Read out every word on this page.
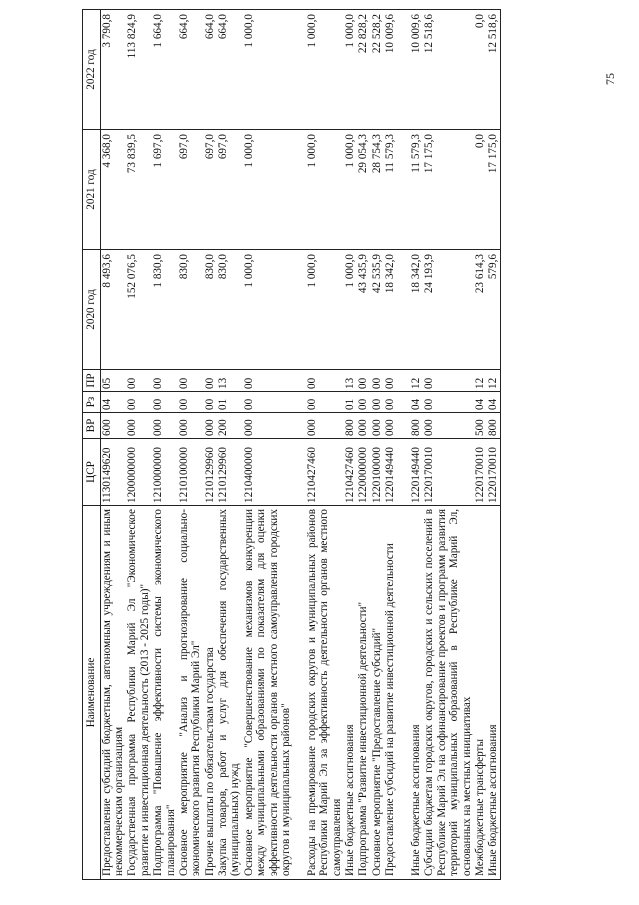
75
Наименование	ЦСР	ВР	Рз	ПР	2020 год	2021 год	2022 год
Предоставление субсидий бюджетным, автономным учреждениям и иным некоммерческим организациям	1130149620	600	04	05	8 493,6	4 368,0	3 790,8
Государственная программа Республики Марий Эл "Экономическое развитие и инвестиционная деятельность (2013 - 2025 годы)"	1200000000	000	00	00	152 076,5	73 839,5	113 824,9
Подпрограмма "Повышение эффективности системы экономического планирования"	1210000000	000	00	00	1 830,0	1 697,0	1 664,0
Основное мероприятие "Анализ и прогнозирование социально-экономического развития Республики Марий Эл"	1210100000	000	00	00	830,0	697,0	664,0
Прочие выплаты по обязательствам государства	1210129960	000	00	00	830,0	697,0	664,0
Закупка товаров, работ и услуг для обеспечения государственных (муниципальных) нужд	1210129960	200	01	13	830,0	697,0	664,0
Основное мероприятие "Совершенствование механизмов конкуренции между муниципальными образованиями по показателям для оценки эффективности деятельности органов местного самоуправления городских округов и муниципальных районов"	1210400000	000	00	00	1 000,0	1 000,0	1 000,0
Расходы на премирование городских округов и муниципальных районов Республики Марий Эл за эффективность деятельности органов местного самоуправления	1210427460	000	00	00	1 000,0	1 000,0	1 000,0
Иные бюджетные ассигнования	1210427460	800	01	13	1 000,0	1 000,0	1 000,0
Подпрограмма "Развитие инвестиционной деятельности"	1220000000	000	00	00	43 435,9	29 054,3	22 828,2
Основное мероприятие "Предоставление субсидий"	1220100000	000	00	00	42 535,9	28 754,3	22 528,2
Предоставление субсидий на развитие инвестиционной деятельности	1220149440	000	00	00	18 342,0	11 579,3	10 009,6
Иные бюджетные ассигнования	1220149440	800	04	12	18 342,0	11 579,3	10 009,6
Субсидии бюджетам городских округов, городских и сельских поселений в Республике Марий Эл на софинансирование проектов и программ развития территорий муниципальных образований в Республике Марий Эл, основанных на местных инициативах	1220170010	000	00	00	24 193,9	17 175,0	12 518,6
Межбюджетные трансферты	1220170010	500	04	12	23 614,3	0,0	0,0
Иные бюджетные ассигнования	1220170010	800	04	12	579,6	17 175,0	12 518,6
